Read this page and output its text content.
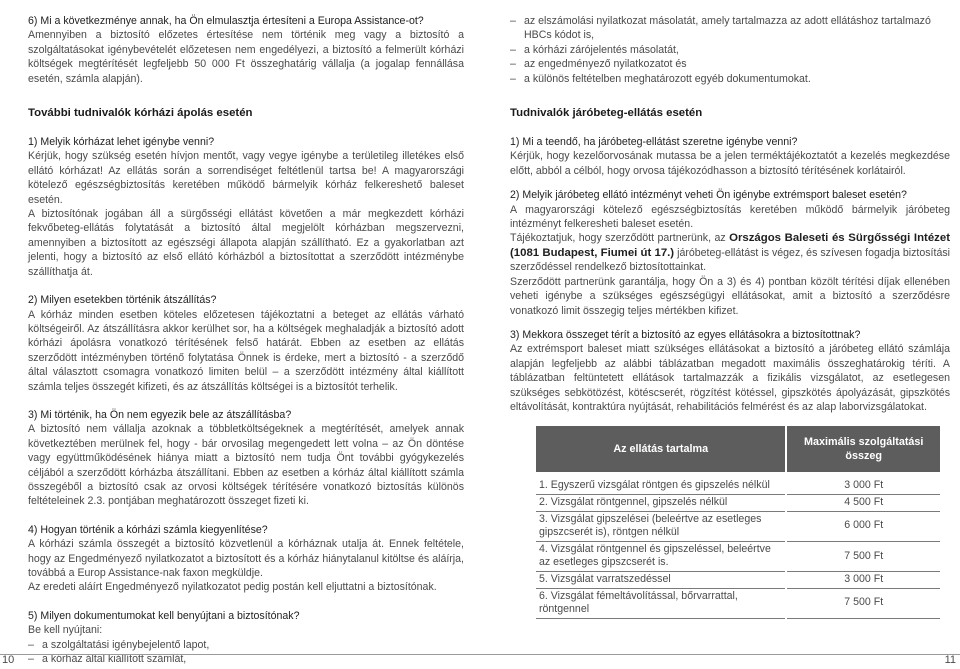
6) Mi a következménye annak, ha Ön elmulasztja értesíteni a Europa Assistance-ot?

Amennyiben a biztosító előzetes értesítése nem történik meg vagy a biztosító a szolgáltatásokat igénybevételét előzetesen nem engedélyezi, a biztosító a felmerült kórházi költségek megtérítését legfeljebb 50 000 Ft összeghatárig vállalja (a jogalap fennállása esetén, számla alapján).

További tudnivalók kórházi ápolás esetén

1) Melyik kórházat lehet igénybe venni?

Kérjük, hogy szükség esetén hívjon mentőt, vagy vegye igénybe a területileg illetékes első ellátó kórházat! Az ellátás során a sorrendiséget feltétlenül tartsa be! A magyarországi kötelező egészségbiztosítás keretében működő bármelyik kórház felkereshető baleset esetén.

A biztosítónak jogában áll a sürgősségi ellátást követően a már megkezdett kórházi fekvőbeteg-ellátás folytatását a biztosító által megjelölt kórházban megszervezni, amennyiben a biztosított az egészségi állapota alapján szállítható. Ez a gyakorlatban azt jelenti, hogy a biztosító az első ellátó kórházból a biztosítottat a szerződött intézménybe szállíthatja át.

2) Milyen esetekben történik átszállítás?

A kórház minden esetben köteles előzetesen tájékoztatni a beteget az ellátás várható költségeiről. Az átszállításra akkor kerülhet sor, ha a költségek meghaladják a biztosító adott kórházi ápolásra vonatkozó térítésének felső határát. Ebben az esetben az ellátás szerződött intézményben történő folytatása Önnek is érdeke, mert a biztosító - a szerződő által választott csomagra vonatkozó limiten belül – a szerződött intézmény által kiállított számla teljes összegét kifizeti, és az átszállítás költségei is a biztosítót terhelik.

3) Mi történik, ha Ön nem egyezik bele az átszállításba?

A biztosító nem vállalja azoknak a többletköltségeknek a megtérítését, amelyek annak következtében merülnek fel, hogy - bár orvosilag megengedett lett volna – az Ön döntése vagy együttműködésének hiánya miatt a biztosító nem tudja Önt további gyógykezelés céljából a szerződött kórházba átszállítani. Ebben az esetben a kórház által kiállított számla összegéből a biztosító csak az orvosi költségek térítésére vonatkozó biztosítás különös feltételeinek 2.3. pontjában meghatározott összeget fizeti ki.

4) Hogyan történik a kórházi számla kiegyenlítése?

A kórházi számla összegét a biztosító közvetlenül a kórháznak utalja át. Ennek feltétele, hogy az Engedményező nyilatkozatot a biztosított és a kórház hiánytalanul kitöltse és aláírja, továbbá a Europ Assistance-nak faxon megküldje.

Az eredeti aláírt Engedményező nyilatkozatot pedig postán kell eljuttatni a biztosítónak.

5) Milyen dokumentumokat kell benyújtani a biztosítónak?

Be kell nyújtani:

– a szolgáltatási igénybejelentő lapot,
– a kórház által kiállított számlát,
10
– az elszámolási nyilatkozat másolatát, amely tartalmazza az adott ellátáshoz tartalmazó HBCs kódot is,
– a kórházi zárójelentés másolatát,
– az engedményező nyilatkozatot és
– a különös feltételben meghatározott egyéb dokumentumokat.
Tudnivalók járóbeteg-ellátás esetén

1) Mi a teendő, ha járóbeteg-ellátást szeretne igénybe venni?

Kérjük, hogy kezelőorvosának mutassa be a jelen terméktájékoztatót a kezelés megkezdése előtt, abból a célból, hogy orvosa tájékozódhasson a biztosító térítésének korlátairól.

2) Melyik járóbeteg ellátó intézményt veheti Ön igénybe extrémsport baleset esetén?

A magyarországi kötelező egészségbiztosítás keretében működő bármelyik járóbeteg intézményt felkeresheti baleset esetén.

Tájékoztatjuk, hogy szerződött partnerünk, az Országos Baleseti és Sürgősségi Intézet (1081 Budapest, Fiumei út 17.) járóbeteg-ellátást is végez, és szívesen fogadja biztosítási szerződéssel rendelkező biztosítottainkat.

Szerződött partnerünk garantálja, hogy Ön a 3) és 4) pontban közölt térítési díjak ellenében veheti igénybe a szükséges egészségügyi ellátásokat, amit a biztosító a szerződésre vonatkozó limit összegig teljes mértékben kifizet.

3) Mekkora összeget térít a biztosító az egyes ellátásokra a biztosítottnak?

Az extrémsport baleset miatt szükséges ellátásokat a biztosító a járóbeteg ellátó számlája alapján legfeljebb az alábbi táblázatban megadott maximális összeghatárokig téríti. A táblázatban feltüntetett ellátások tartalmazzák a fizikális vizsgálatot, az esetlegesen szükséges sebkötözést, kötéscserét, rögzítést kötéssel, gipszkötés ápolyázását, gipszkötés eltávolítását, kontraktúra nyújtását, rehabilitációs felmérést és az alap laborvizsgálatokat.

Az ellátás tartalma	Maximális szolgáltatási összeg
1. Egyszerű vizsgálat röntgen és gipszelés nélkül	3 000 Ft
2. Vizsgálat röntgennel, gipszelés nélkül	4 500 Ft
3. Vizsgálat gipszelései (beleértve az esetleges gipszcserét is), röntgen nélkül	6 000 Ft
4. Vizsgálat röntgennel és gipszeléssel, beleértve az esetleges gipszcserét is.	7 500 Ft
5. Vizsgálat varratszedéssel	3 000 Ft
6. Vizsgálat fémeltávolítással, bőrvarrattal, röntgennel	7 500 Ft
11
